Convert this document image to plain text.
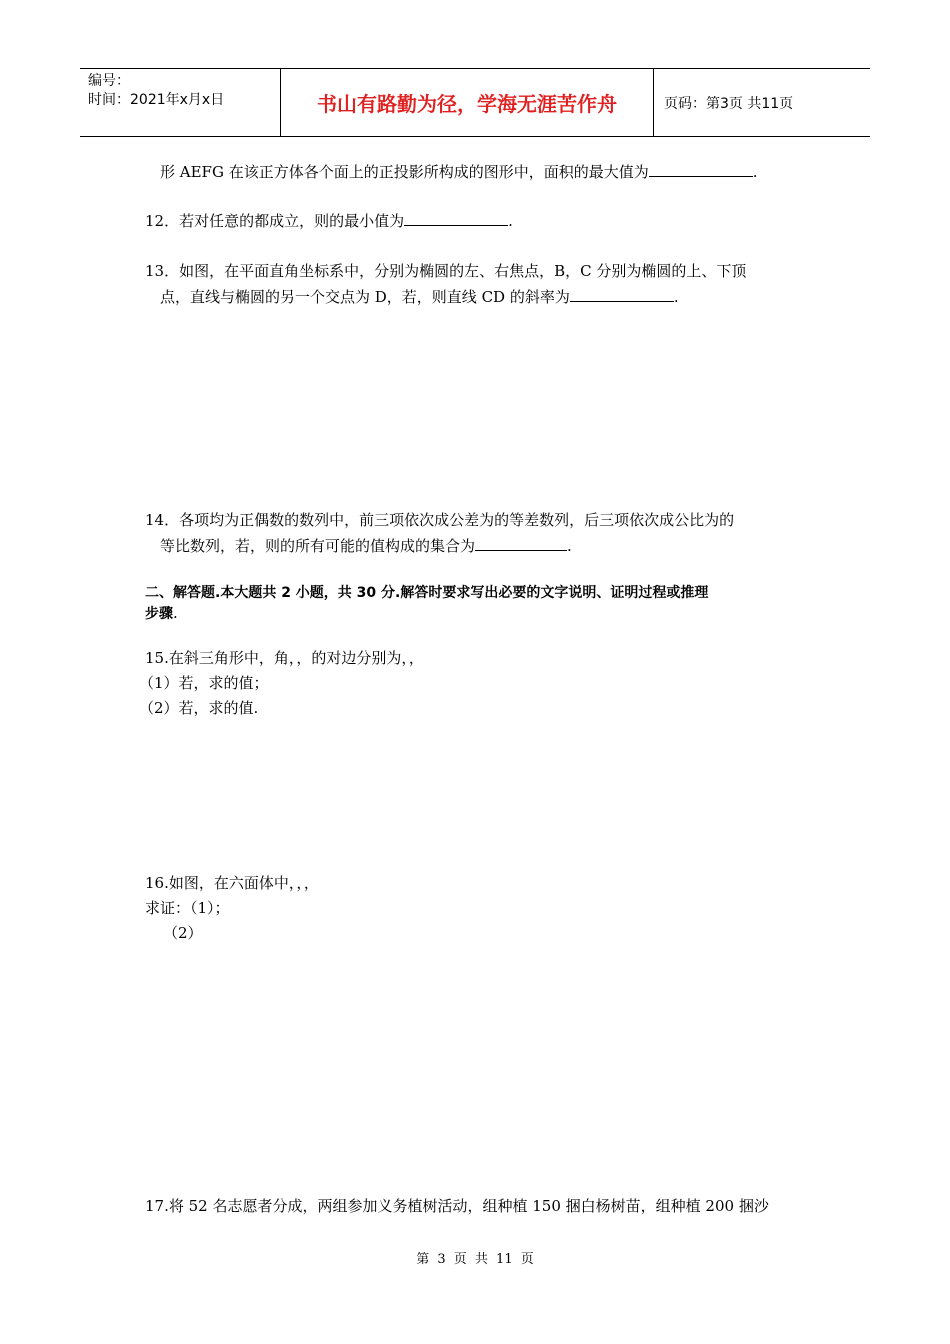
编号：
时间：2021年x月x日	书山有路勤为径，学海无涯苦作舟	页码：第3页 共11页
形 AEFG 在该正方体各个面上的正投影所构成的图形中，面积的最大值为	.
12．若对任意的都成立，则的最小值为	.
13．如图，在平面直角坐标系中，分别为椭圆的左、右焦点，B，C 分别为椭圆的上、下顶
点，直线与椭圆的另一个交点为 D，若，则直线 CD 的斜率为	.
14．各项均为正偶数的数列中，前三项依次成公差为的等差数列，后三项依次成公比为的
等比数列，若，则的所有可能的值构成的集合为	.
二、解答题.本大题共 2 小题，共 30 分.解答时要求写出必要的文字说明、证明过程或推理
步骤.
15.在斜三角形中，角，，的对边分别为，，
（1）若，求的值；
（2）若，求的值.
16.如图，在六面体中，，，
求证：（1）；
（2）
17.将 52 名志愿者分成，两组参加义务植树活动，组种植 150 捆白杨树苗，组种植 200 捆沙
第 3 页 共 11 页
